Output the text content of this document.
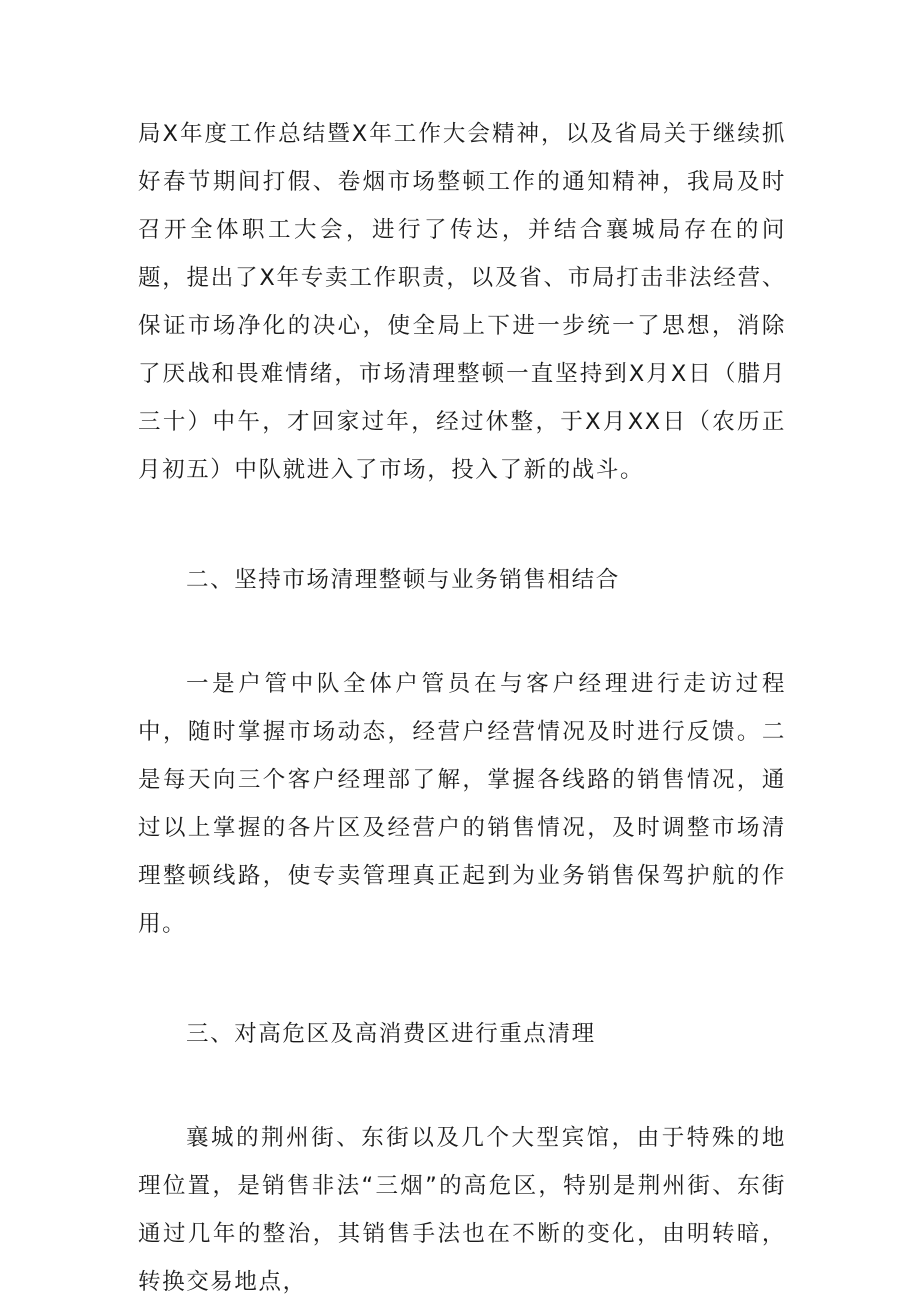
局X年度工作总结暨X年工作大会精神，以及省局关于继续抓好春节期间打假、卷烟市场整顿工作的通知精神，我局及时召开全体职工大会，进行了传达，并结合襄城局存在的问题，提出了X年专卖工作职责，以及省、市局打击非法经营、保证市场净化的决心，使全局上下进一步统一了思想，消除了厌战和畏难情绪，市场清理整顿一直坚持到X月X日（腊月三十）中午，才回家过年，经过休整，于X月XX日（农历正月初五）中队就进入了市场，投入了新的战斗。

二、坚持市场清理整顿与业务销售相结合

一是户管中队全体户管员在与客户经理进行走访过程中，随时掌握市场动态，经营户经营情况及时进行反馈。二是每天向三个客户经理部了解，掌握各线路的销售情况，通过以上掌握的各片区及经营户的销售情况，及时调整市场清理整顿线路，使专卖管理真正起到为业务销售保驾护航的作用。

三、对高危区及高消费区进行重点清理

襄城的荆州街、东街以及几个大型宾馆，由于特殊的地理位置，是销售非法“三烟”的高危区，特别是荆州街、东街通过几年的整治，其销售手法也在不断的变化，由明转暗，转换交易地点，
